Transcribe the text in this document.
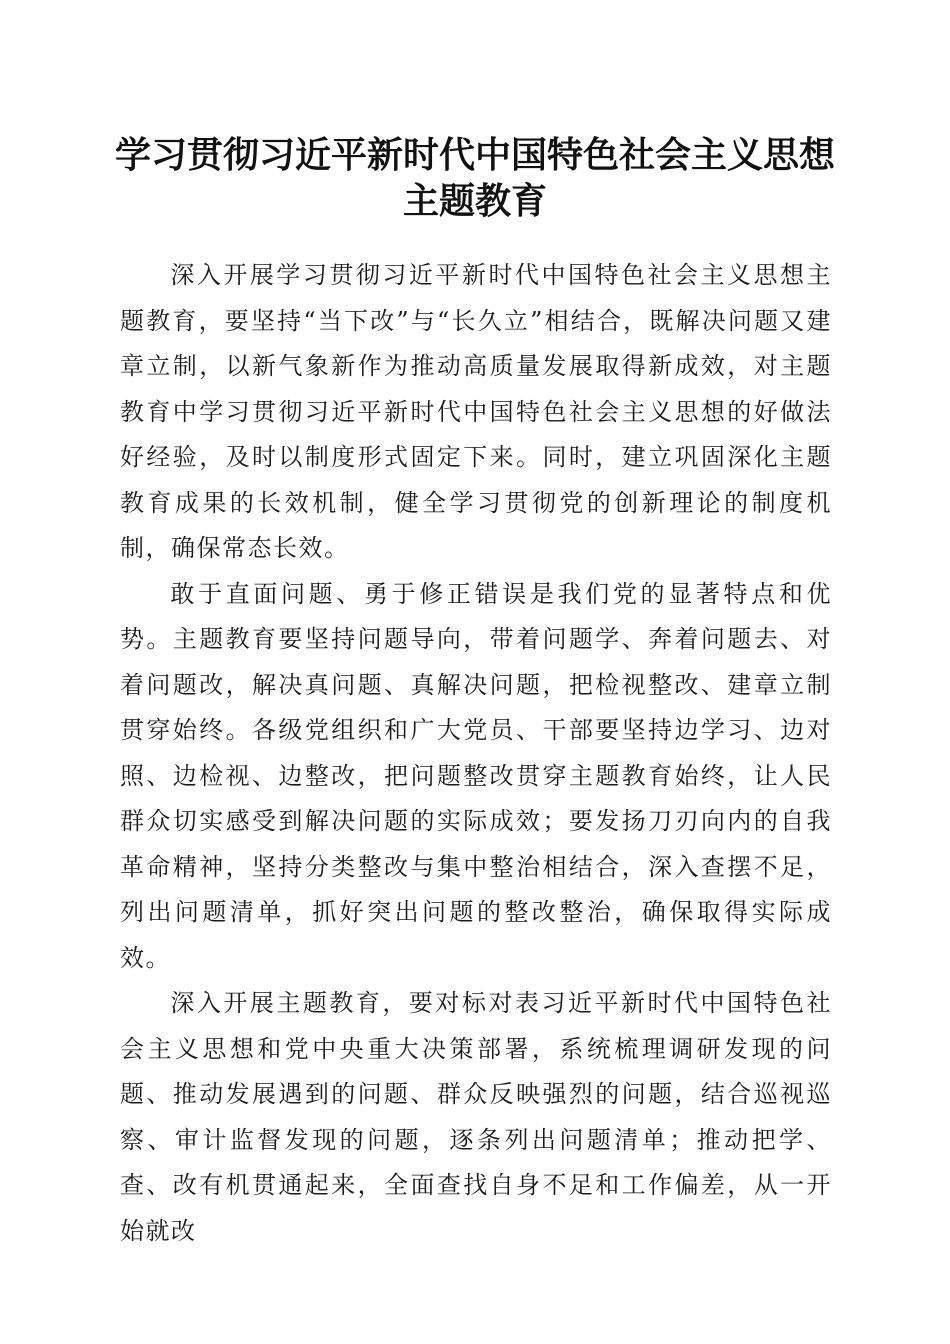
学习贯彻习近平新时代中国特色社会主义思想
主题教育

深入开展学习贯彻习近平新时代中国特色社会主义思想主题教育，要坚持“当下改”与“长久立”相结合，既解决问题又建章立制，以新气象新作为推动高质量发展取得新成效，对主题教育中学习贯彻习近平新时代中国特色社会主义思想的好做法好经验，及时以制度形式固定下来。同时，建立巩固深化主题教育成果的长效机制，健全学习贯彻党的创新理论的制度机制，确保常态长效。

敢于直面问题、勇于修正错误是我们党的显著特点和优势。主题教育要坚持问题导向，带着问题学、奔着问题去、对着问题改，解决真问题、真解决问题，把检视整改、建章立制贯穿始终。各级党组织和广大党员、干部要坚持边学习、边对照、边检视、边整改，把问题整改贯穿主题教育始终，让人民群众切实感受到解决问题的实际成效；要发扬刀刃向内的自我革命精神，坚持分类整改与集中整治相结合，深入查摆不足，列出问题清单，抓好突出问题的整改整治，确保取得实际成效。

深入开展主题教育，要对标对表习近平新时代中国特色社会主义思想和党中央重大决策部署，系统梳理调研发现的问题、推动发展遇到的问题、群众反映强烈的问题，结合巡视巡察、审计监督发现的问题，逐条列出问题清单；推动把学、查、改有机贯通起来，全面查找自身不足和工作偏差，从一开始就改
